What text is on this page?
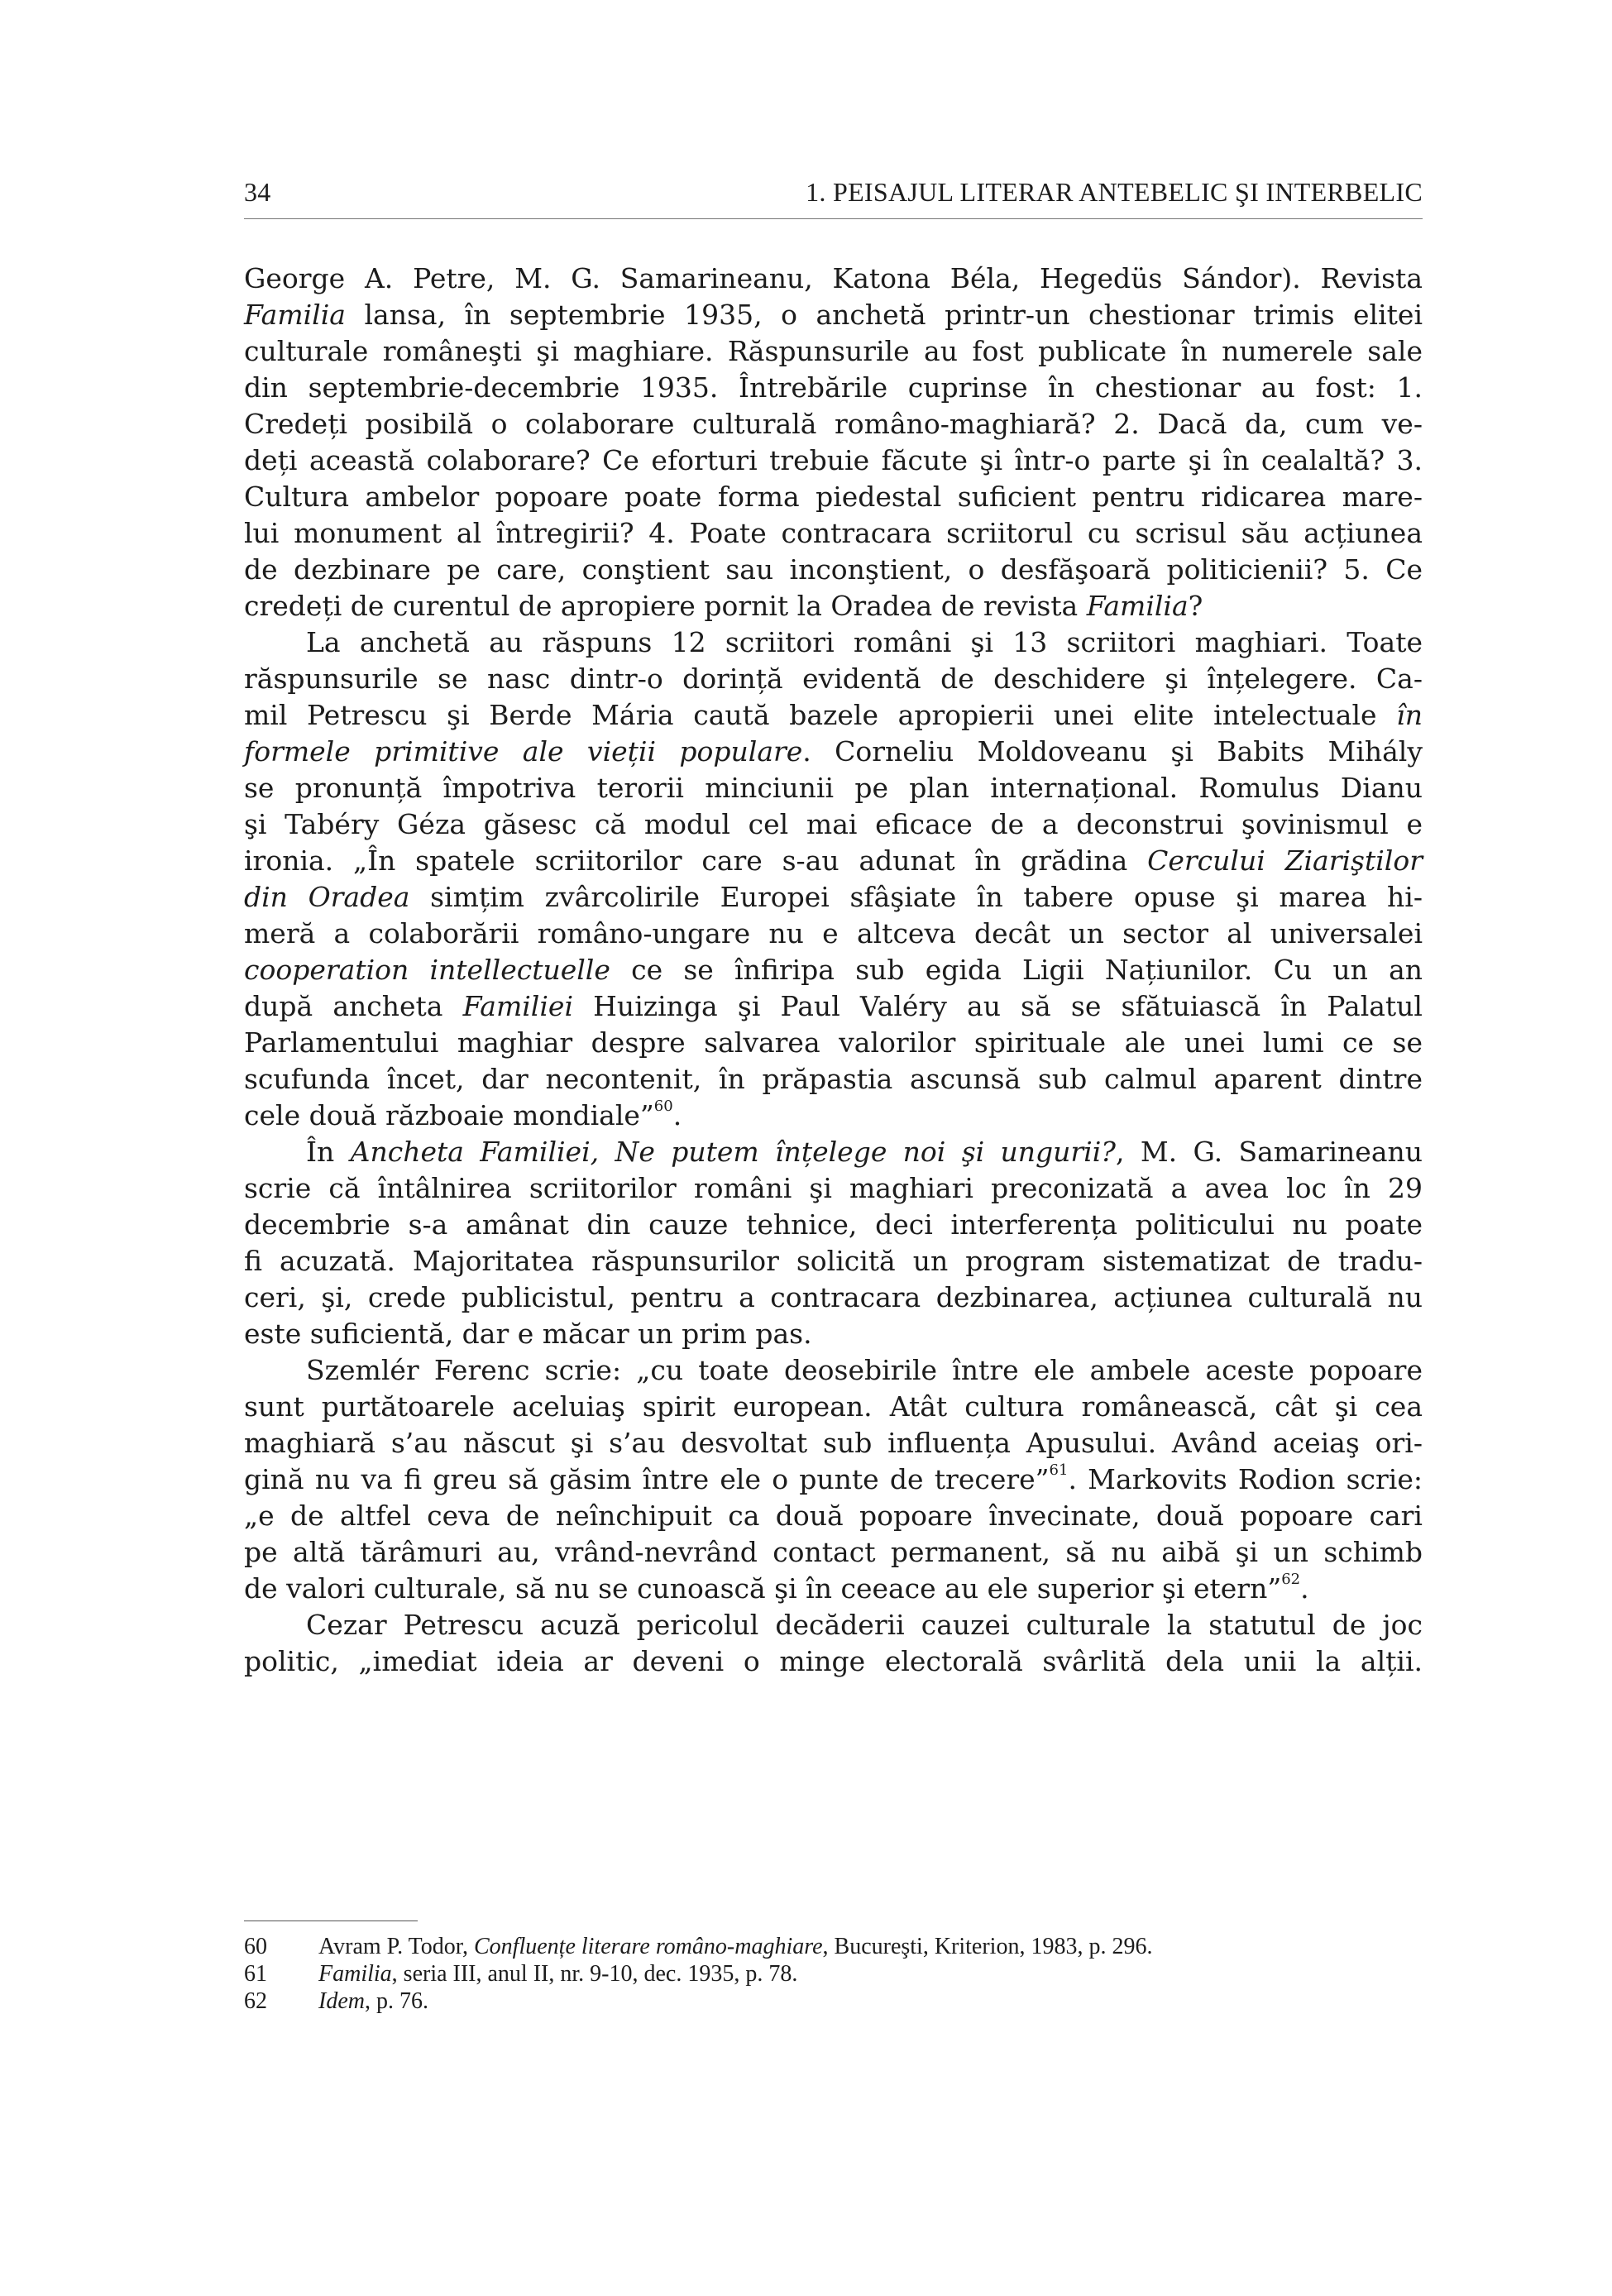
34	1. PEISAJUL LITERAR ANTEBELIC ŞI INTERBELIC
George A. Petre, M. G. Samarineanu, Katona Béla, Hegedüs Sándor). Revista
Familia lansa, în septembrie 1935, o anchetă printr-un chestionar trimis elitei
culturale româneşti şi maghiare. Răspunsurile au fost publicate în numerele sale
din septembrie-decembrie 1935. Întrebările cuprinse în chestionar au fost: 1.
Credeți posibilă o colaborare culturală româno-maghiară? 2. Dacă da, cum ve-
deți această colaborare? Ce eforturi trebuie făcute şi într-o parte şi în cealaltă? 3.
Cultura ambelor popoare poate forma piedestal suficient pentru ridicarea mare-
lui monument al întregirii? 4. Poate contracara scriitorul cu scrisul său acțiunea
de dezbinare pe care, conştient sau inconştient, o desfăşoară politicienii? 5. Ce
credeți de curentul de apropiere pornit la Oradea de revista Familia?
La anchetă au răspuns 12 scriitori români şi 13 scriitori maghiari. Toate
răspunsurile se nasc dintr-o dorință evidentă de deschidere şi înțelegere. Ca-
mil Petrescu şi Berde Mária caută bazele apropierii unei elite intelectuale în
formele primitive ale vieții populare. Corneliu Moldoveanu şi Babits Mihály
se pronunță împotriva terorii minciunii pe plan internațional. Romulus Dianu
şi Tabéry Géza găsesc că modul cel mai eficace de a deconstrui şovinismul e
ironia. „În spatele scriitorilor care s-au adunat în grădina Cercului Ziariştilor
din Oradea simțim zvârcolirile Europei sfâşiate în tabere opuse şi marea hi-
meră a colaborării româno-ungare nu e altceva decât un sector al universalei
cooperation intellectuelle ce se înfiripa sub egida Ligii Națiunilor. Cu un an
după ancheta Familiei Huizinga şi Paul Valéry au să se sfătuiască în Palatul
Parlamentului maghiar despre salvarea valorilor spirituale ale unei lumi ce se
scufunda încet, dar necontenit, în prăpastia ascunsă sub calmul aparent dintre
cele două războaie mondiale”$^{60}$.
În Ancheta Familiei, Ne putem înțelege noi şi ungurii?, M. G. Samarineanu
scrie că întâlnirea scriitorilor români şi maghiari preconizată a avea loc în 29
decembrie s-a amânat din cauze tehnice, deci interferența politicului nu poate
fi acuzată. Majoritatea răspunsurilor solicită un program sistematizat de tradu-
ceri, şi, crede publicistul, pentru a contracara dezbinarea, acțiunea culturală nu
este suficientă, dar e măcar un prim pas.
Szemlér Ferenc scrie: „cu toate deosebirile între ele ambele aceste popoare
sunt purtătoarele aceluiaş spirit european. Atât cultura românească, cât şi cea
maghiară s’au născut şi s’au desvoltat sub influența Apusului. Având aceiaş ori-
gină nu va fi greu să găsim între ele o punte de trecere”$^{61}$. Markovits Rodion scrie:
„e de altfel ceva de neînchipuit ca două popoare învecinate, două popoare cari
pe altă tărâmuri au, vrând-nevrând contact permanent, să nu aibă şi un schimb
de valori culturale, să nu se cunoască şi în ceeace au ele superior şi etern”$^{62}$.
Cezar Petrescu acuză pericolul decăderii cauzei culturale la statutul de joc
politic, „imediat ideia ar deveni o minge electorală svârlită dela unii la alții.
60 Avram P. Todor, Confluențe literare româno-maghiare, Bucureşti, Kriterion, 1983, p. 296.
61 Familia, seria III, anul II, nr. 9-10, dec. 1935, p. 78.
62 Idem, p. 76.
